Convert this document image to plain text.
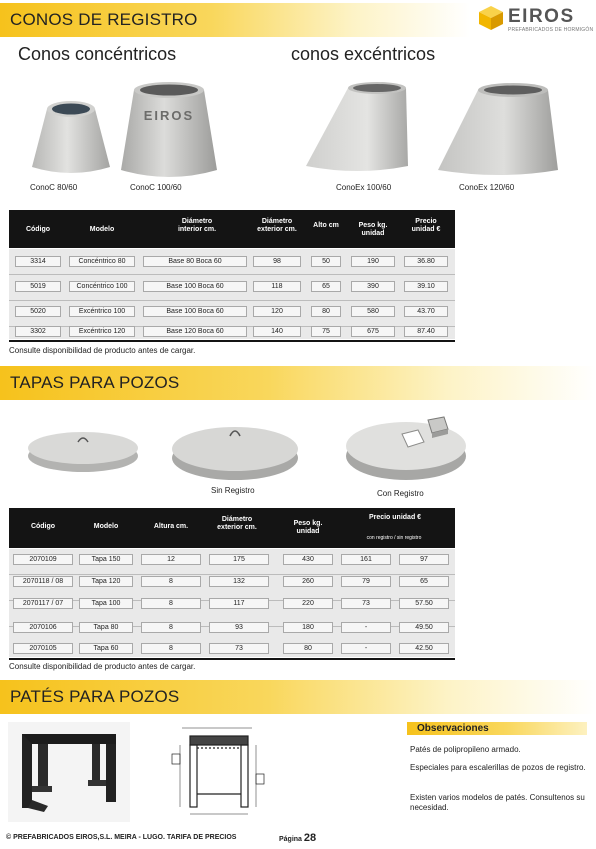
CONOS DE REGISTRO	EIROS
PREFABRICADOS DE HORMIGÓN
Conos concéntricos	conos excéntricos
EIROS
ConoC 80/60	ConoC 100/60	ConoEx 100/60	ConoEx 120/60
Código	Modelo
Diámetro interior cm.
Diámetro exterior cm.
Alto cm	Peso kg. unidad
Precio unidad €
3314	Concéntrico 80	Base 80 Boca 60	98	50	190	36.80
5019	Concéntrico 100	Base 100 Boca 60	118	65	390	39.10
5020	Excéntrico 100	Base 100 Boca 60	120	80	580	43.70
3302	Excéntrico 120	Base 120 Boca 60	140	75	675	87.40
Consulte disponibilidad de producto antes de cargar.
TAPAS PARA POZOS
Sin Registro	Con Registro
Código	Modelo	Altura cm.
Diámetro exterior cm.
Peso kg. unidad
Precio unidad €
con registro / sin registro
2070109	Tapa 150	12	175	430	161	97
2070118 / 08	Tapa 120	8	132	260	79	65
2070117 / 07	Tapa 100	8	117	220	73	57.50
2070106	Tapa 80	8	93	180	-	49.50
2070105	Tapa 60	8	73	80	-	42.50
Consulte disponibilidad de producto antes de cargar.
PATÉS PARA POZOS
Observaciones

Patés de polipropileno armado.

Especiales para escalerillas de pozos de registro.

Existen varios modelos de patés. Consultenos su necesidad.

© PREFABRICADOS EIROS,S.L. MEIRA - LUGO. TARIFA DE PRECIOS	Página 28
